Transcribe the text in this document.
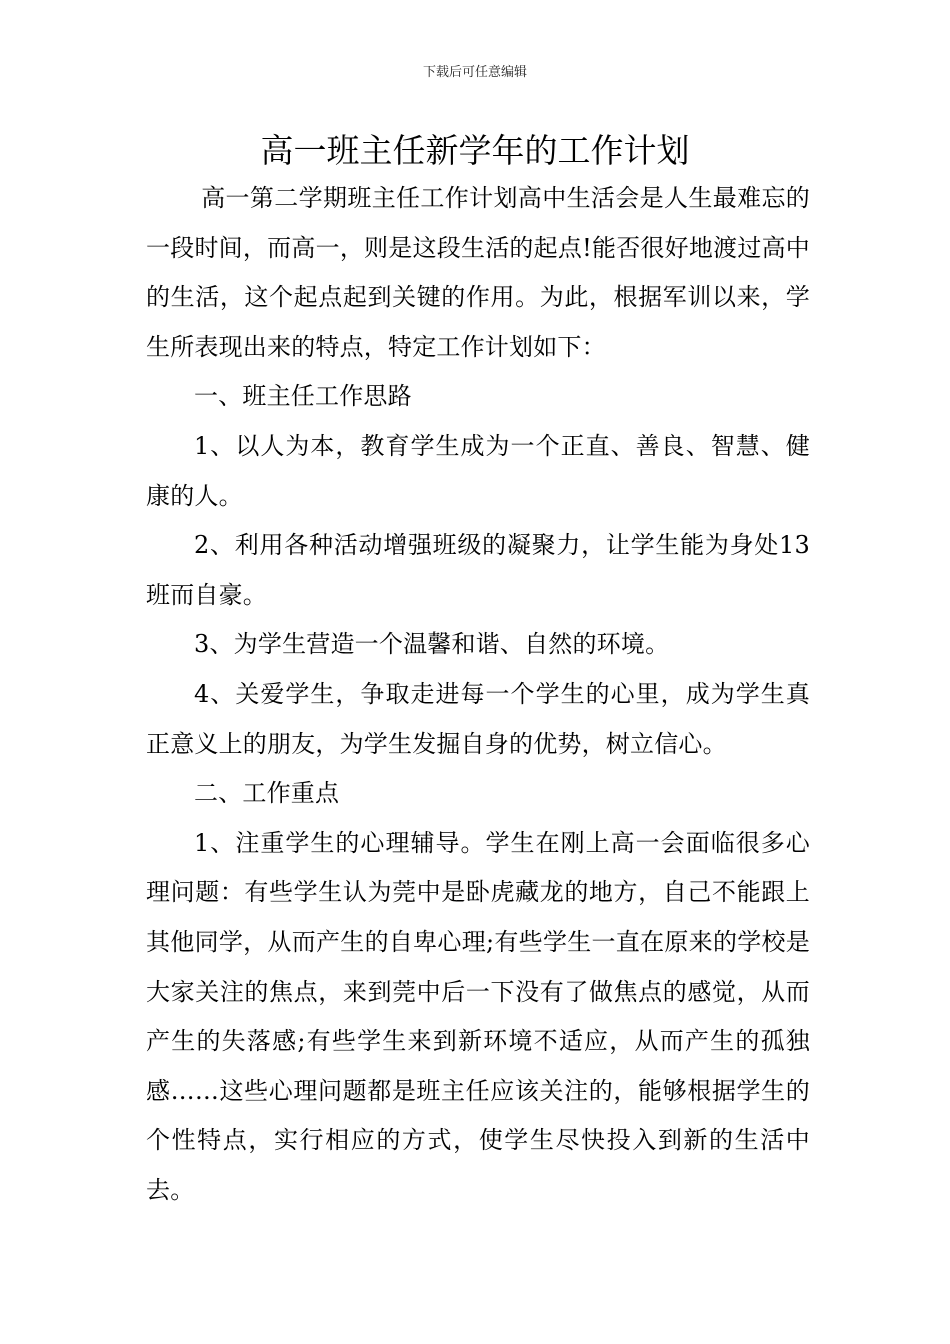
下载后可任意编辑
高一班主任新学年的工作计划

高一第二学期班主任工作计划高中生活会是人生最难忘的一段时间，而高一，则是这段生活的起点!能否很好地渡过高中的生活，这个起点起到关键的作用。为此，根据军训以来，学生所表现出来的特点，特定工作计划如下：

一、班主任工作思路

1、以人为本，教育学生成为一个正直、善良、智慧、健康的人。

2、利用各种活动增强班级的凝聚力，让学生能为身处13班而自豪。

3、为学生营造一个温馨和谐、自然的环境。

4、关爱学生，争取走进每一个学生的心里，成为学生真正意义上的朋友，为学生发掘自身的优势，树立信心。

二、工作重点

1、注重学生的心理辅导。学生在刚上高一会面临很多心理问题：有些学生认为莞中是卧虎藏龙的地方，自己不能跟上其他同学，从而产生的自卑心理;有些学生一直在原来的学校是大家关注的焦点，来到莞中后一下没有了做焦点的感觉，从而产生的失落感;有些学生来到新环境不适应，从而产生的孤独感……这些心理问题都是班主任应该关注的，能够根据学生的个性特点，实行相应的方式，使学生尽快投入到新的生活中去。
